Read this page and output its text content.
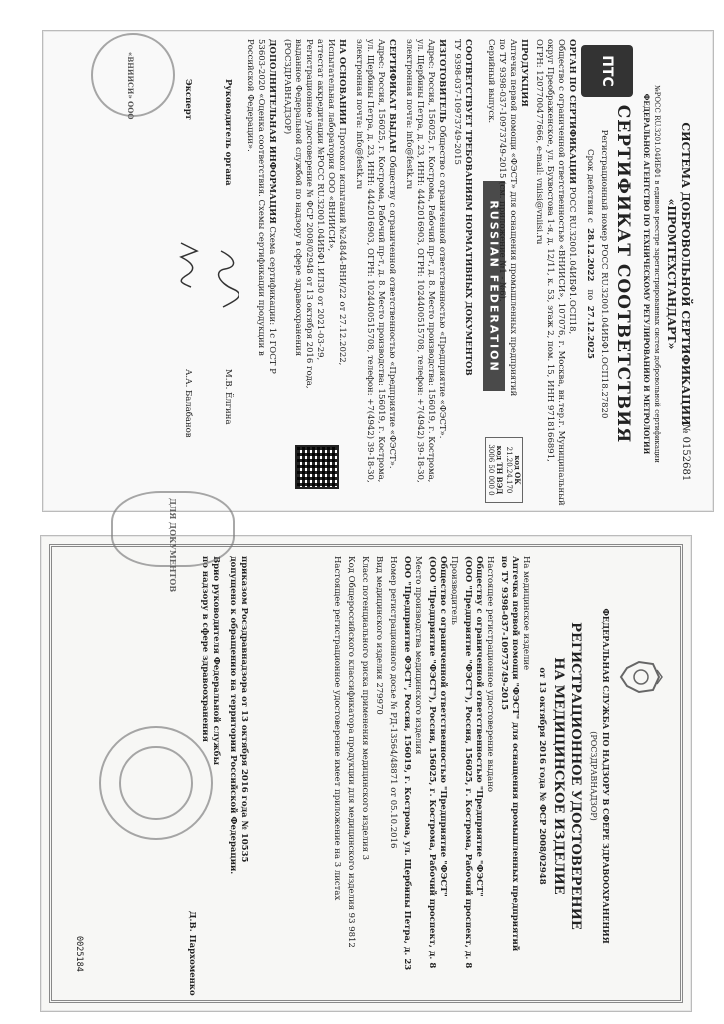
ФЕДЕРАЛЬНАЯ СЛУЖБА ПО НАДЗОРУ В СФЕРЕ ЗДРАВООХРАНЕНИЯ
(РОСЗДРАВНАДЗОР)
РЕГИСТРАЦИОННОЕ УДОСТОВЕРЕНИЕ
НА МЕДИЦИНСКОЕ ИЗДЕЛИЕ
от 13 октября 2016 года № ФСР 2008/02948
На медицинское изделие
Аптечка первой помощи "ФЭСТ" для оснащения промышленных предприятий
по ТУ 9398-037-10973749-2015
Настоящее регистрационное удостоверение выдано
Обществу с ограниченной ответственностью "Предприятие "ФЭСТ"
(ООО "Предприятие "ФЭСТ"), Россия, 156025, г. Кострома, Рабочий проспект, д. 8
Производитель
Общество с ограниченной ответственностью "Предприятие "ФЭСТ"
(ООО "Предприятие "ФЭСТ"), Россия, 156025, г. Кострома, Рабочий проспект, д. 8
Место производства медицинского изделия
ООО "Предприятие ФЭСТ", Россия, 156019, г. Кострома, ул. Щербины Петра, д. 23
Номер регистрационного досье № РД-13564/48871 от 05.10.2016
Вид медицинского изделия 279970
Класс потенциального риска применения медицинского изделия 3
Код Общероссийского классификатора продукции для медицинского изделия 93 9812
Настоящее регистрационное удостоверение имеет приложение на 3 листах
приказом Росздравнадзора от 13 октября 2016 года № 10535
допущено к обращению на территории Российской Федерации.
Врио руководителя Федеральной службы
по надзору в сфере здравоохранения
Д.В. Пархоменко
0025184
RUSSIAN FEDERATION
№ 0152681
СИСТЕМА ДОБРОВОЛЬНОЙ СЕРТИФИКАЦИИ
«ПРОМТЕХСТАНДАРТ»
№РОСС RU.З201.04ИБФ1 в едином реестре зарегистрированных систем добровольной сертификации
ФЕДЕРАЛЬНОЕ АГЕНТСТВО ПО ТЕХНИЧЕСКОМУ РЕГУЛИРОВАНИЮ И МЕТРОЛОГИИ
ПТС
СЕРТИФИКАТ СООТВЕТСТВИЯ
Регистрационный номер РОСС RU.З2001.04ИБФ1.ОСП18.27820
Срок действия с  28.12.2022   по  27.12.2025
ОРГАН ПО СЕРТИФИКАЦИИ РОСС RU.З2001.04ИБФ1.ОСП18,
Общество с ограниченной ответственностью «ВНИИСИ», 107076, г. Москва, вн.тер.г. Муниципальный
округ Преображенское, ул. Бухвостова 1-я, д. 12/11, к. 53, этаж 2, пом. 15, ИНН 9718166891,
ОГРН: 1207700477666, e-mail: vniisi@vniisi.ru
ПРОДУКЦИЯ
Аптечка первой помощи «ФЭСТ» для оснащения промышленных предприятий
по ТУ 9398-037-10973749-2015 (см. приложение №1 - №6).
Серийный выпуск.
код ОК
21.20.24.170
код ТН ВЭД
3006 50 000 0
СООТВЕТСТВУЕТ ТРЕБОВАНИЯМ НОРМАТИВНЫХ ДОКУМЕНТОВ
ТУ 9398-037-10973749-2015
ИЗГОТОВИТЕЛЬ Общество с ограниченной ответственностью «Предприятие «ФЭСТ».
Адрес: Россия, 156025, г. Кострома, Рабочий пр-т, д. 8. Место производства: 156019, г. Кострома,
ул. Щербины Петра, д. 23, ИНН: 4442016903, ОГРН: 1024400515708, телефон: +7(4942) 39-18-30,
электронная почта: info@festk.ru
СЕРТИФИКАТ ВЫДАН Обществу с ограниченной ответственностью «Предприятие «ФЭСТ».
Адрес: Россия, 156025, г. Кострома, Рабочий пр-т, д. 8. Место производства: 156019, г. Кострома,
ул. Щербины Петра, д. 23, ИНН: 4442016903, ОГРН: 1024400515708, телефон: +7(4942) 39-18-30,
электронная почта: info@festk.ru
НА ОСНОВАНИИ Протокол испытаний №24844-ВНИ/22 от 27.12.2022,
Испытательная лаборатория ООО «ВНИИСИ»,
аттестат аккредитации №РОСС RU.З2001.04ИБФ1.ИЛ30 от 2021-03-29,
Регистрационное удостоверение № ФСР 2008/02948 от 13 октября 2016 года,
выданное Федеральной службой по надзору в сфере здравоохранения
(РОСЗДРАВНАДЗОР)
ДОПОЛНИТЕЛЬНАЯ ИНФОРМАЦИЯ Схема сертификации: 1с ГОСТ Р
53603-2020 «Оценка соответствия. Схемы сертификации продукции в
Российской Федерации».
Руководитель органа
М.В. Ёлгина
Эксперт
А.А. Балабанов
«ВНИИСИ» ООО
ДЛЯ ДОКУМЕНТОВ
